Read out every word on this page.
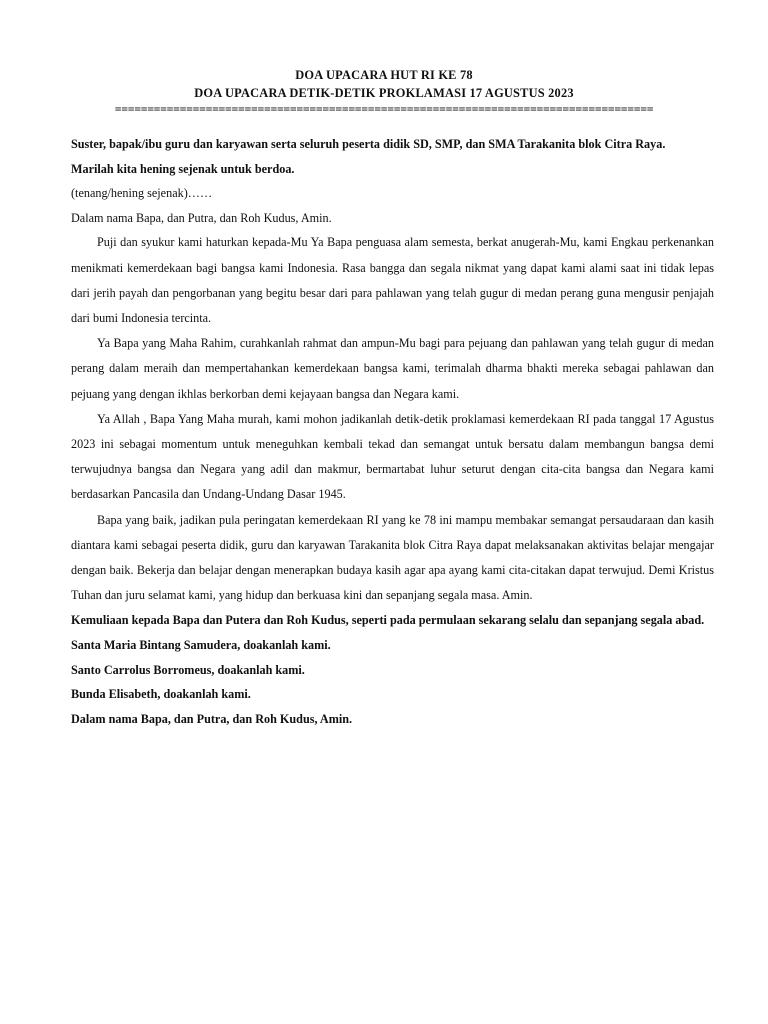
DOA UPACARA HUT RI KE 78
DOA UPACARA DETIK-DETIK PROKLAMASI 17 AGUSTUS 2023
===================================================================================

Suster, bapak/ibu guru dan karyawan serta seluruh peserta didik SD, SMP, dan SMA Tarakanita blok Citra Raya.

Marilah kita hening sejenak untuk berdoa.

(tenang/hening sejenak)……

Dalam nama Bapa, dan Putra, dan Roh Kudus, Amin.

Puji dan syukur kami haturkan kepada-Mu Ya Bapa penguasa alam semesta, berkat anugerah-Mu, kami Engkau perkenankan menikmati kemerdekaan bagi bangsa kami Indonesia. Rasa bangga dan segala nikmat yang dapat kami alami saat ini tidak lepas dari jerih payah dan pengorbanan yang begitu besar dari para pahlawan yang telah gugur di medan perang guna mengusir penjajah dari bumi Indonesia tercinta.

Ya Bapa yang Maha Rahim, curahkanlah rahmat dan ampun-Mu bagi para pejuang dan pahlawan yang telah gugur di medan perang dalam meraih dan mempertahankan kemerdekaan bangsa kami, terimalah dharma bhakti mereka sebagai pahlawan dan pejuang yang dengan ikhlas berkorban demi kejayaan bangsa dan Negara kami.

Ya Allah , Bapa Yang Maha murah, kami mohon jadikanlah detik-detik proklamasi kemerdekaan RI pada tanggal 17 Agustus 2023 ini sebagai momentum untuk meneguhkan kembali tekad dan semangat untuk bersatu dalam membangun bangsa demi terwujudnya bangsa dan Negara yang adil dan makmur, bermartabat luhur seturut dengan cita-cita bangsa dan Negara kami berdasarkan Pancasila dan Undang-Undang Dasar 1945.

Bapa yang baik, jadikan pula peringatan kemerdekaan RI yang ke 78 ini mampu membakar semangat persaudaraan dan kasih diantara kami sebagai peserta didik, guru dan karyawan Tarakanita blok Citra Raya dapat melaksanakan aktivitas belajar mengajar dengan baik. Bekerja dan belajar dengan menerapkan budaya kasih agar apa ayang kami cita-citakan dapat terwujud. Demi Kristus Tuhan dan juru selamat kami, yang hidup dan berkuasa kini dan sepanjang segala masa. Amin.

Kemuliaan kepada Bapa dan Putera dan Roh Kudus, seperti pada permulaan sekarang selalu dan sepanjang segala abad.

Santa Maria Bintang Samudera, doakanlah kami.

Santo Carrolus Borromeus, doakanlah kami.

Bunda Elisabeth, doakanlah kami.

Dalam nama Bapa, dan Putra, dan Roh Kudus, Amin.
